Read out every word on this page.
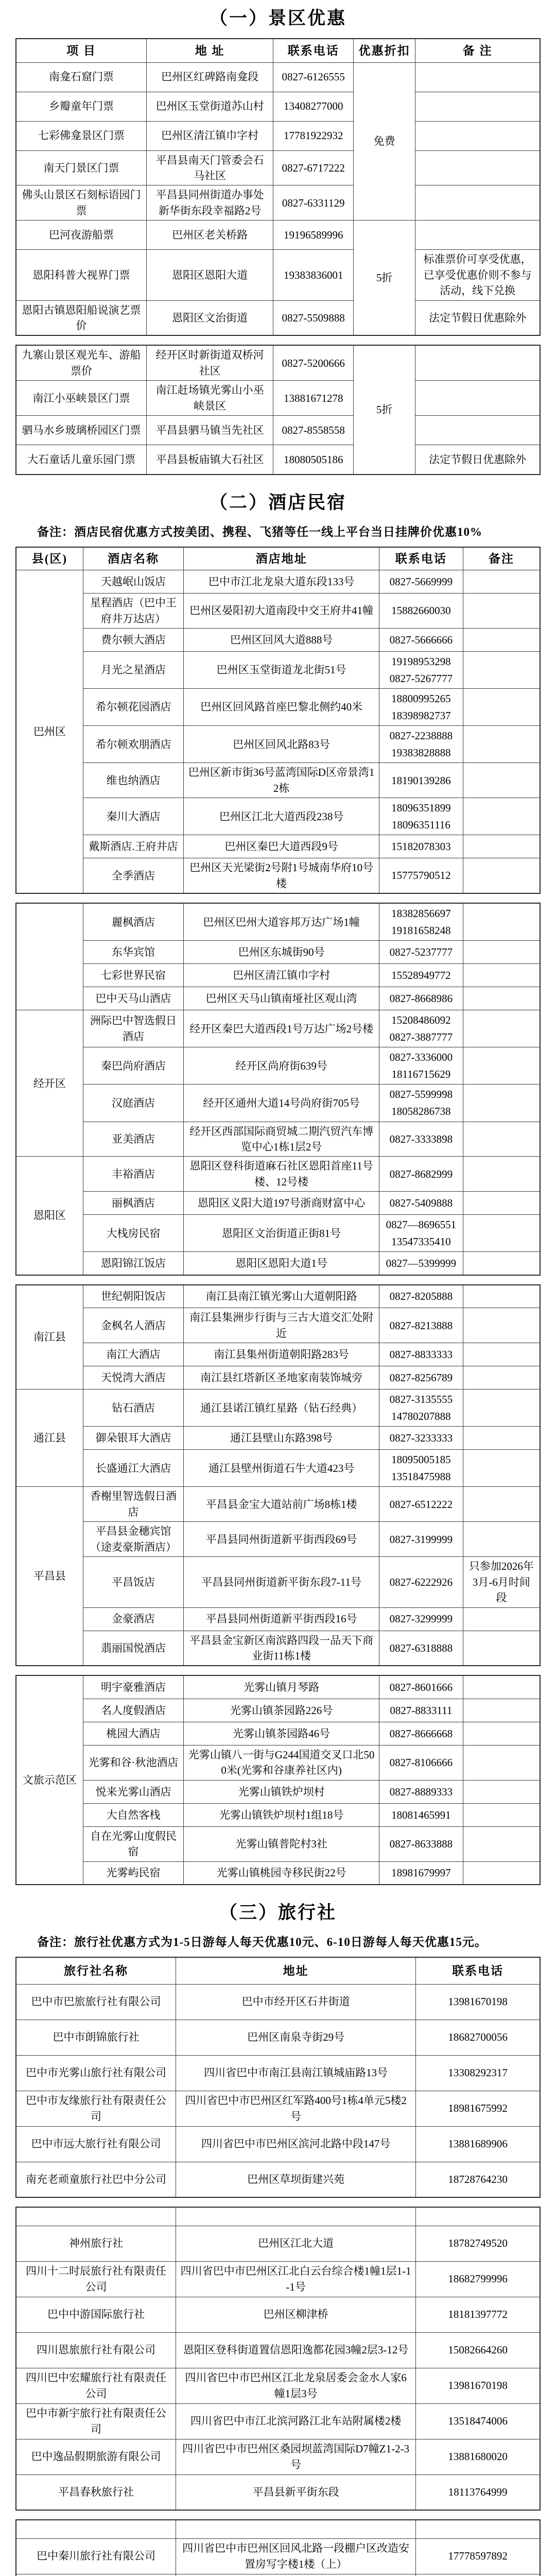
（一）景区优惠
项 目	地 址	联系电话	优惠折扣	备 注
南龛石窟门票	巴州区红碑路南龛段	0827-6126555	免费	
乡瓣童年门票	巴州区玉堂街道苏山村	13408277000		
七彩佛龛景区门票	巴州区清江镇巾字村	17781922932		
南天门景区门票	平昌县南天门管委会石马社区	0827-6717222		
佛头山景区石刻标语园门票	平昌县同州街道办事处新华街东段幸福路2号	0827-6331129		
巴河夜游船票	巴州区老关桥路	19196589996	5折	
恩阳科普大视界门票	恩阳区恩阳大道	19383836001		标准票价可享受优惠，已享受优惠价则不参与活动，线下兑换
恩阳古镇恩阳船说演艺票价	恩阳区文治街道	0827-5509888		法定节假日优惠除外
九寨山景区观光车、游船票价	经开区时新街道双桥河社区	0827-5200666	5折	
南江小巫峡景区门票	南江赶场镇光雾山小巫峡景区	13881671278		
驷马水乡玻璃桥园区门票	平昌县驷马镇当先社区	0827-8558558		
大石童话儿童乐园门票	平昌县板庙镇大石社区	18080505186		法定节假日优惠除外
（二）酒店民宿

备注：酒店民宿优惠方式按美团、携程、飞猪等任一线上平台当日挂牌价优惠10%

县(区)	酒店名称	酒店地址	联系电话	备注
巴州区	天越岷山饭店	巴中市江北龙泉大道东段133号	0827-5669999	

	星程酒店（巴中王府井万达店）	巴州区晏阳初大道南段中交王府井41幢	15882660030	

	费尔顿大酒店	巴州区回风大道888号	0827-5666666	

	月光之星酒店	巴州区玉堂街道龙北街51号	19198953298
0827-5267777	

	希尔顿花园酒店	巴州区回风路首座巴黎北侧约40米	18800995265
18398982737	

	希尔顿欢朋酒店	巴州区回风北路83号	0827-2238888
19383828888	

	维也纳酒店	巴州区新市街36号蓝湾国际D区帝景湾12栋	18190139286	

	秦川大酒店	巴州区江北大道西段238号	18096351899
18096351116	

	戴斯酒店.王府井店	巴州区秦巴大道西段9号	15182078303	

	全季酒店	巴州区天光梁街2号附1号城南华府10号楼	15775790512	

	麗枫酒店	巴州区巴州大道容邦万达广场1幢	18382856697
19181658248	

	东华宾馆	巴州区东城街90号	0827-5237777	

	七彩世界民宿	巴州区清江镇巾字村	15528949772	

	巴中天马山酒店	巴州区天马山镇南垭社区观山湾	0827-8668986	

经开区	洲际巴中智选假日酒店	经开区秦巴大道西段1号万达广场2号楼	15208486092
0827-3887777	

	秦巴尚府酒店	经开区尚府街639号	0827-3336000
18116715629	

	汉庭酒店	经开区通州大道14号尚府街705号	0827-5599998
18058286738	

	亚美酒店	经开区西部国际商贸城二期汽贸汽车博览中心1栋1层2号	0827-3333898	

恩阳区	丰裕酒店	恩阳区登科街道麻石社区恩阳首座11号楼、12号楼	0827-8682999	

	丽枫酒店	恩阳区义阳大道197号浙商财富中心	0827-5409888	

	大栈房民宿	恩阳区文治街道正街81号	0827—8696551
13547335410	

	恩阳锦江饭店	恩阳区恩阳大道1号	0827—5399999	

南江县	世纪朝阳饭店	南江县南江镇光雾山大道朝阳路	0827-8205888	

	金枫名人酒店	南江县集洲步行街与三古大道交汇处附近	0827-8213888	

	南江大酒店	南江县集州街道朝阳路283号	0827-8833333	

	天悦湾大酒店	南江县红塔新区圣地家南装饰城旁	0827-8256789	

通江县	钻石酒店	通江县诺江镇红星路（钻石经典）	0827-3135555
14780207888	

	御朵银耳大酒店	通江县壁山东路398号	0827-3233333	

	长盛通江大酒店	通江县壁州街道石牛大道423号	18095005185
13518475988	

平昌县	香榭里智选假日酒店	平昌县金宝大道站前广场8栋1楼	0827-6512222	

	平昌县金穗宾馆（途麦豪斯酒店）	平昌县同州街道新平街西段69号	0827-3199999	

	平昌饭店	平昌县同州街道新平街东段7-11号	0827-6222926	只参加2026年3月-6月时间段
	金豪酒店	平昌县同州街道新平街西段16号	0827-3299999	

	翡丽国悦酒店	平昌县金宝新区南滨路四段一品天下商业街11栋1楼	0827-6318888	

文旅示范区	明宇豪雅酒店	光雾山镇月琴路	0827-8601666	

	名人度假酒店	光雾山镇茶园路226号	0827-8833111	

	桃园大酒店	光雾山镇茶园路46号	0827-8666668	

	光雾和谷·秋池酒店	光雾山镇八一街与G244国道交叉口北500米(光雾和谷康养社区内)	0827-8106666	

	悦来光雾山酒店	光雾山镇铁炉坝村	0827-8889333	

	大自然客栈	光雾山镇铁炉坝村1组18号	18081465991	

	自在光雾山度假民宿	光雾山镇普陀村3社	0827-8633888	

	光雾屿民宿	光雾山镇桃园寺移民街22号	18981679997	

（三）旅行社

备注：旅行社优惠方式为1-5日游每人每天优惠10元、6-10日游每人每天优惠15元。

旅行社名称	地址	联系电话
巴中市巴旅旅行社有限公司	巴中市经开区石井街道	13981670198
巴中市朗锦旅行社	巴州区南泉寺街29号	18682700056
巴中市光雾山旅行社有限公司	四川省巴中市南江县南江镇城庙路13号	13308292317
巴中市友缘旅行社有限责任公司	四川省巴中市巴州区红军路400号1栋4单元5楼2号	18981675992
巴中市远大旅行社有限公司	四川省巴中市巴州区滨河北路中段147号	13881689906
南充老顽童旅行社巴中分公司	巴州区草坝街建兴苑	18728764230

神州旅行社	巴州区江北大道	18782749520
四川十二时辰旅行社有限责任公司	四川省巴中市巴州区江北白云台综合楼1幢1层1-1-1号	18682799996
巴中中游国际旅行社	巴州区柳津桥	18181397772
四川恩旅旅行社有限公司	恩阳区登科街道置信恩阳逸都花园3幢2层3-12号	15082664260
四川巴中宏耀旅行社有限责任公司	四川省巴中市巴州区江北龙泉居委会金水人家6幢1层3号	13981670198
巴中市新宇旅行社有限责任公司	四川省巴中市江北滨河路江北车站附属楼2楼	13518474006
巴中逸品假期旅游有限公司	四川省巴中市巴州区桑园坝蓝湾国际D7幢Z1-2-3号	13881680020
平昌春秋旅行社	平昌县新平街东段	18113764999

巴中秦川旅行社有限公司	四川省巴中市巴州区回风北路一段棚户区改造安置房写字楼1楼（上）	17778597892
